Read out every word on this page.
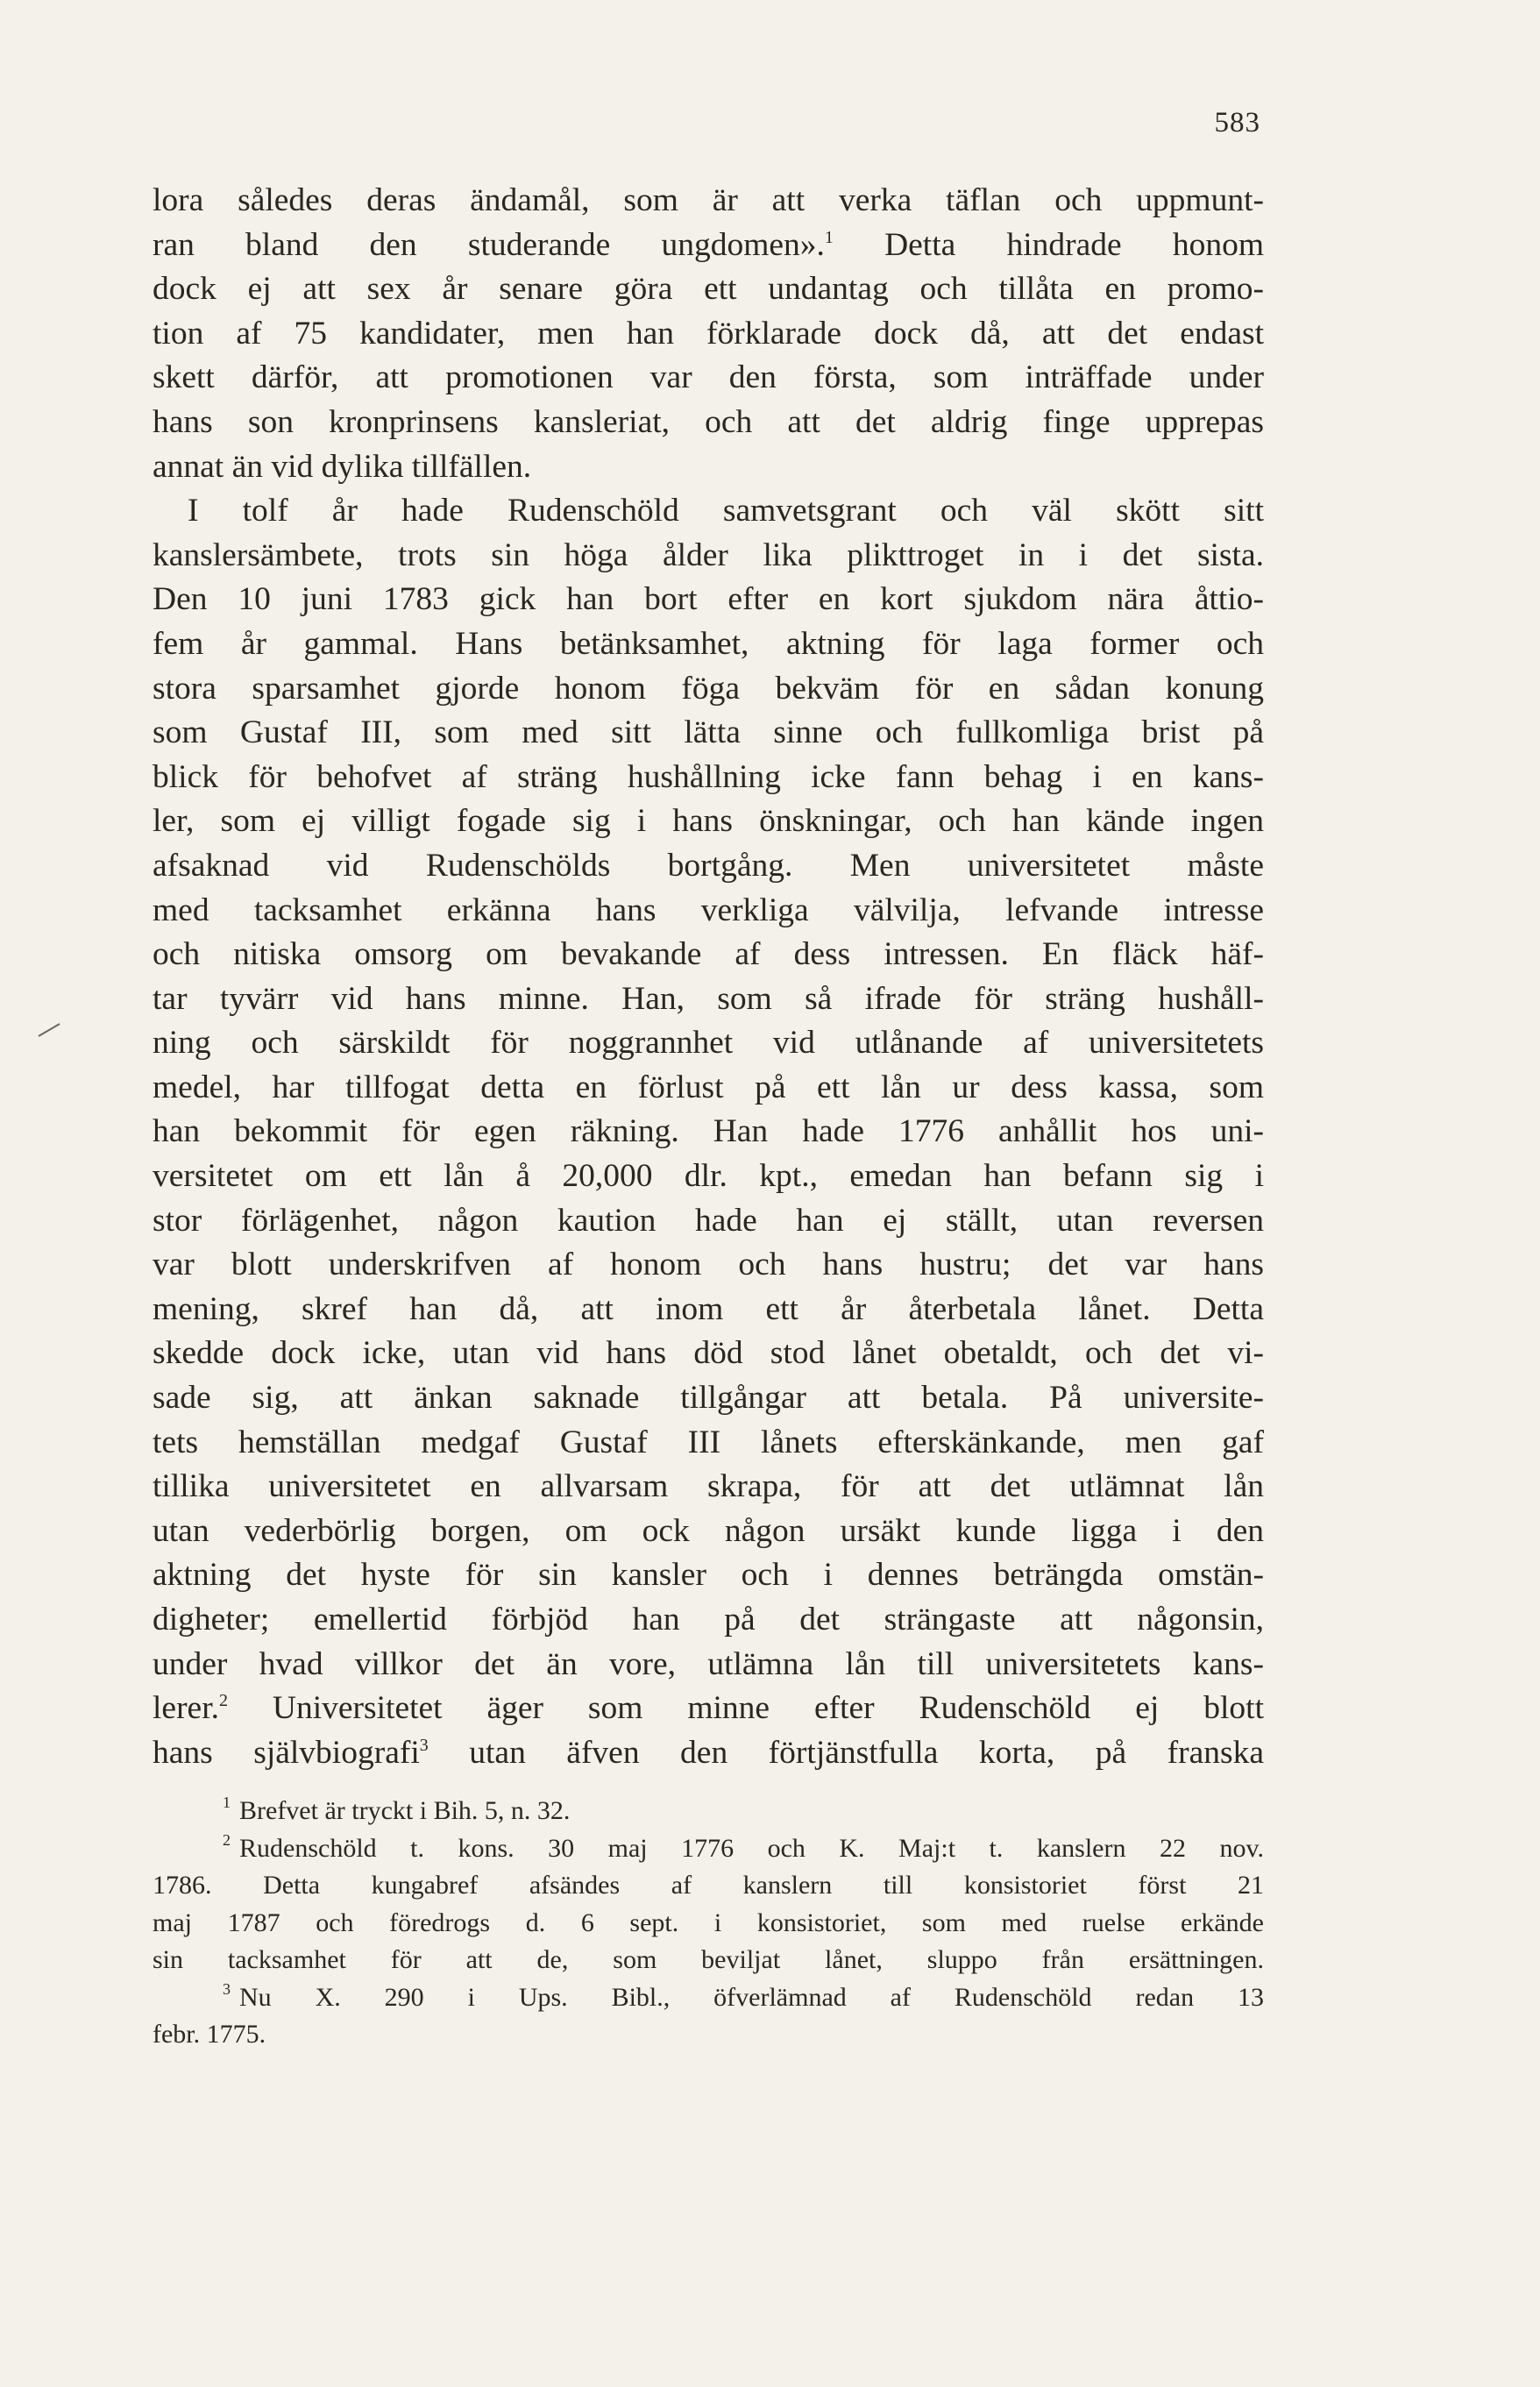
583

lora således deras ändamål, som är att verka täflan och uppmunt-
ran bland den studerande ungdomen».$^1$ Detta hindrade honom
dock ej att sex år senare göra ett undantag och tillåta en promo-
tion af 75 kandidater, men han förklarade dock då, att det endast
skett därför, att promotionen var den första, som inträffade under
hans son kronprinsens kansleriat, och att det aldrig finge upprepas
annat än vid dylika tillfällen.

I tolf år hade Rudenschöld samvetsgrant och väl skött sitt
kanslersämbete, trots sin höga ålder lika plikttroget in i det sista.
Den 10 juni 1783 gick han bort efter en kort sjukdom nära åttio-
fem år gammal. Hans betänksamhet, aktning för laga former och
stora sparsamhet gjorde honom föga bekväm för en sådan konung
som Gustaf III, som med sitt lätta sinne och fullkomliga brist på
blick för behofvet af sträng hushållning icke fann behag i en kans-
ler, som ej villigt fogade sig i hans önskningar, och han kände ingen
afsaknad vid Rudenschölds bortgång. Men universitetet måste
med tacksamhet erkänna hans verkliga välvilja, lefvande intresse
och nitiska omsorg om bevakande af dess intressen. En fläck häf-
tar tyvärr vid hans minne. Han, som så ifrade för sträng hushåll-
ning och särskildt för noggrannhet vid utlånande af universitetets
medel, har tillfogat detta en förlust på ett lån ur dess kassa, som
han bekommit för egen räkning. Han hade 1776 anhållit hos uni-
versitetet om ett lån å 20,000 dlr. kpt., emedan han befann sig i
stor förlägenhet, någon kaution hade han ej ställt, utan reversen
var blott underskrifven af honom och hans hustru; det var hans
mening, skref han då, att inom ett år återbetala lånet. Detta
skedde dock icke, utan vid hans död stod lånet obetaldt, och det vi-
sade sig, att änkan saknade tillgångar att betala. På universite-
tets hemställan medgaf Gustaf III lånets efterskänkande, men gaf
tillika universitetet en allvarsam skrapa, för att det utlämnat lån
utan vederbörlig borgen, om ock någon ursäkt kunde ligga i den
aktning det hyste för sin kansler och i dennes beträngda omstän-
digheter; emellertid förbjöd han på det strängaste att någonsin,
under hvad villkor det än vore, utlämna lån till universitetets kans-
lerer.$^2$ Universitetet äger som minne efter Rudenschöld ej blott
hans självbiografi$^3$ utan äfven den förtjänstfulla korta, på franska

$^1$ Brefvet är tryckt i Bih. 5, n. 32.
$^2$ Rudenschöld t. kons. 30 maj 1776 och K. Maj:t t. kanslern 22 nov.
1786. Detta kungabref afsändes af kanslern till konsistoriet först 21
maj 1787 och föredrogs d. 6 sept. i konsistoriet, som med ruelse erkände
sin tacksamhet för att de, som beviljat lånet, sluppo från ersättningen.
$^3$ Nu X. 290 i Ups. Bibl., öfverlämnad af Rudenschöld redan 13
febr. 1775.
